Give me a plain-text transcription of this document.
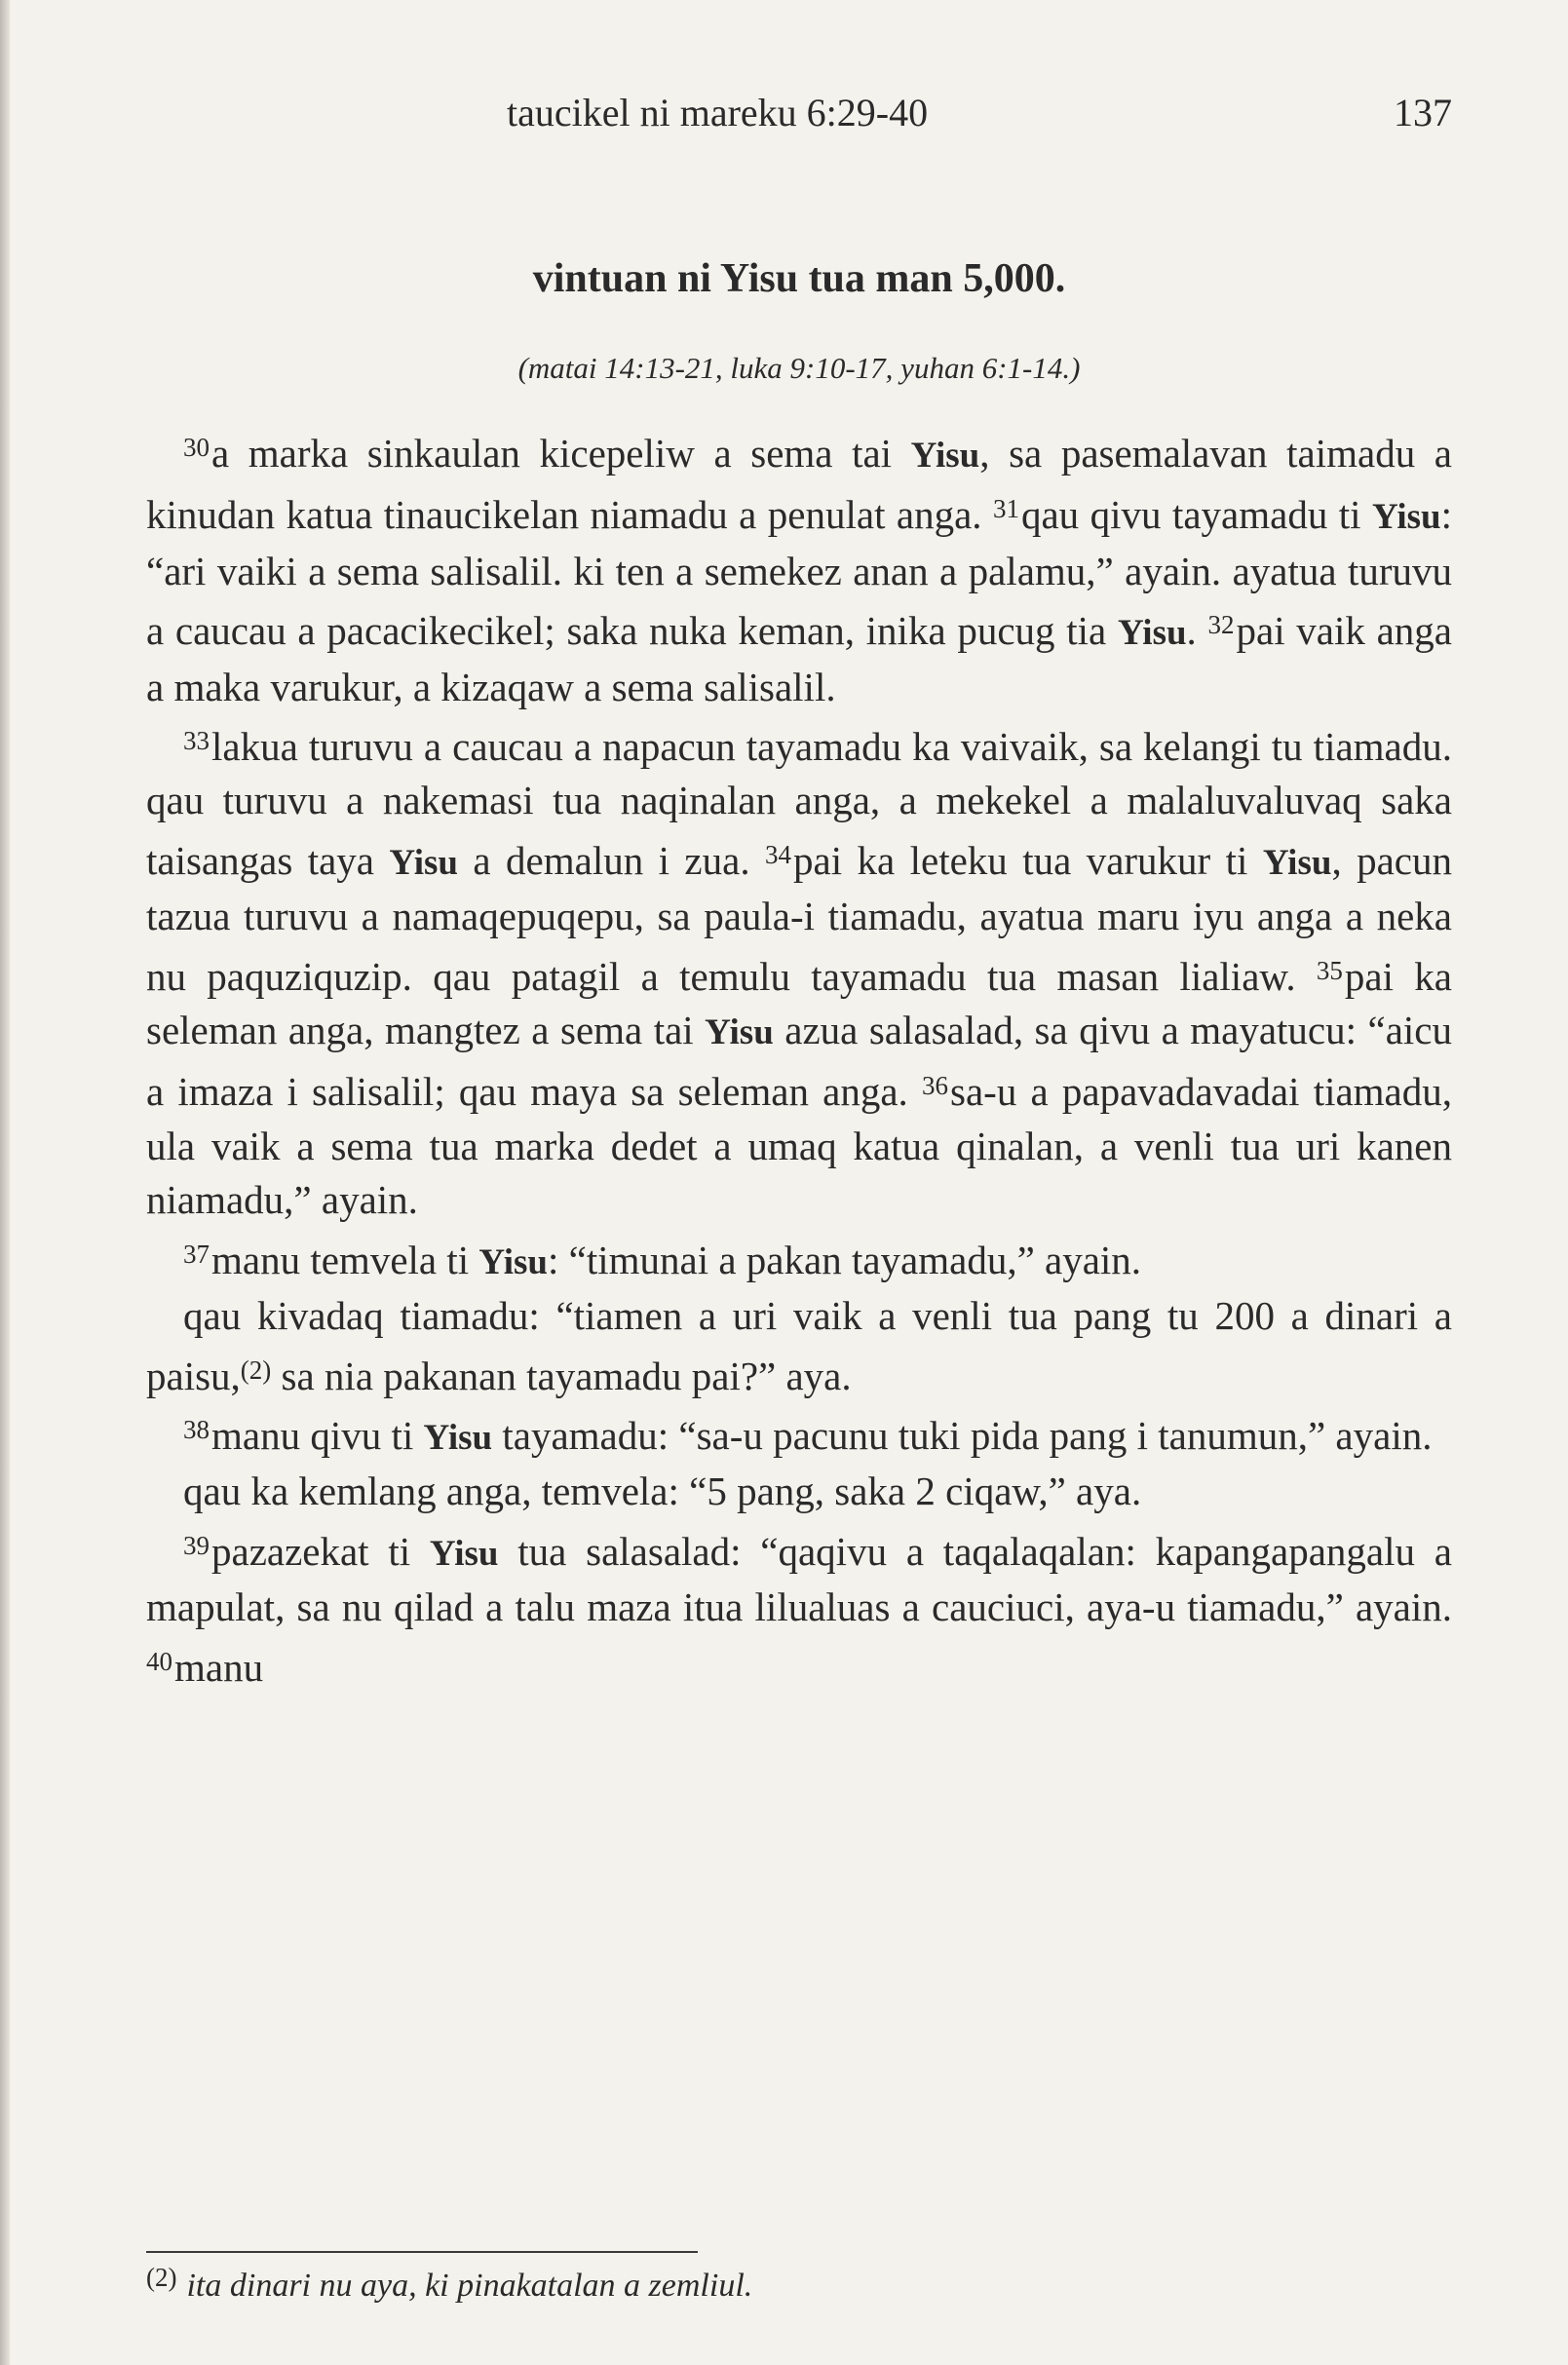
taucikel ni mareku 6:29-40	137
vintuan ni Yisu tua man 5,000.
(matai 14:13-21, luka 9:10-17, yuhan 6:1-14.)

$^{30}$a marka sinkaulan kicepeliw a sema tai Yisu, sa pasemalavan taimadu a kinudan katua tinaucikelan niamadu a penulat anga. $^{31}$qau qivu tayamadu ti Yisu: “ari vaiki a sema salisalil. ki ten a semekez anan a palamu,” ayain. ayatua turuvu a caucau a pacacikecikel; saka nuka keman, inika pucug tia Yisu. $^{32}$pai vaik anga a maka varukur, a kizaqaw a sema salisalil.

$^{33}$lakua turuvu a caucau a napacun tayamadu ka vaivaik, sa kelangi tu tiamadu. qau turuvu a nakemasi tua naqinalan anga, a mekekel a malaluvaluvaq saka taisangas taya Yisu a demalun i zua. $^{34}$pai ka leteku tua varukur ti Yisu, pacun tazua turuvu a namaqepuqepu, sa paula-i tiamadu, ayatua maru iyu anga a neka nu paquziquzip. qau patagil a temulu tayamadu tua masan lialiaw. $^{35}$pai ka seleman anga, mangtez a sema tai Yisu azua salasalad, sa qivu a mayatucu: “aicu a imaza i salisalil; qau maya sa seleman anga. $^{36}$sa-u a papavadavadai tiamadu, ula vaik a sema tua marka dedet a umaq katua qinalan, a venli tua uri kanen niamadu,” ayain.

$^{37}$manu temvela ti Yisu: “timunai a pakan tayamadu,” ayain.

qau kivadaq tiamadu: “tiamen a uri vaik a venli tua pang tu 200 a dinari a paisu,$^{(2)}$ sa nia pakanan tayamadu pai?” aya.

$^{38}$manu qivu ti Yisu tayamadu: “sa-u pacunu tuki pida pang i tanumun,” ayain.

qau ka kemlang anga, temvela: “5 pang, saka 2 ciqaw,” aya.

$^{39}$pazazekat ti Yisu tua salasalad: “qaqivu a taqalaqalan: kapangapangalu a mapulat, sa nu qilad a talu maza itua lilualuas a cauciuci, aya-u tiamadu,” ayain. $^{40}$manu

$^{(2)}$ ita dinari nu aya, ki pinakatalan a zemliul.
